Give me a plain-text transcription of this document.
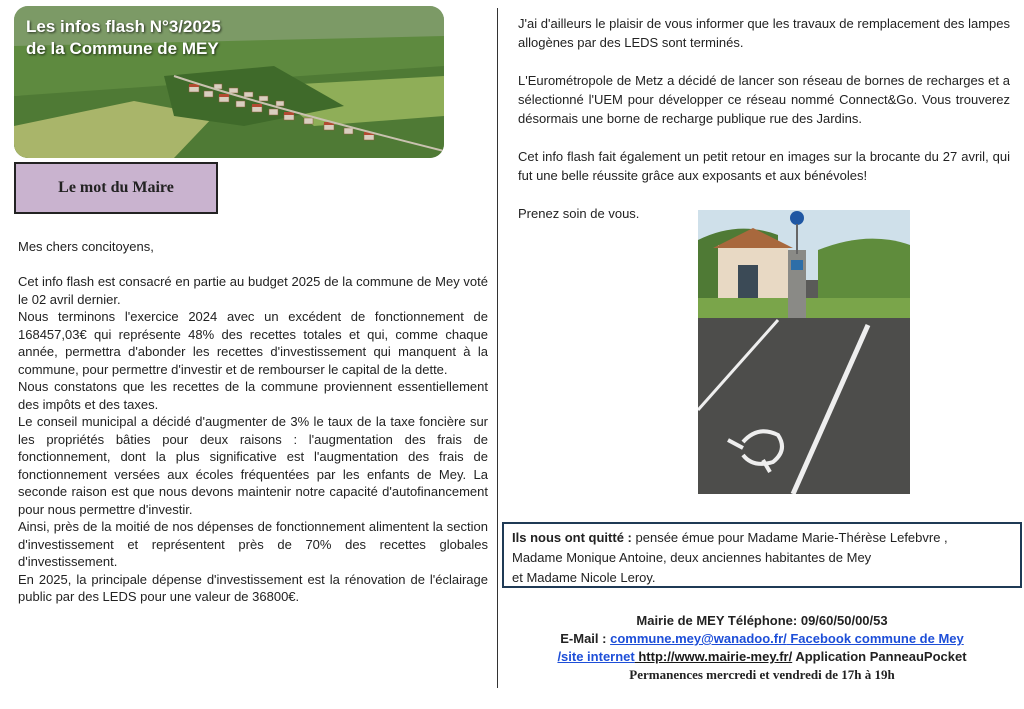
Les infos flash N°3/2025
de la Commune de MEY

Le mot du Maire

Mes chers concitoyens,

Cet info flash est consacré en partie au budget 2025 de la commune de Mey voté le 02 avril dernier.

Nous terminons l'exercice 2024 avec un excédent de fonctionnement de 168457,03€ qui représente 48% des recettes totales et qui, comme chaque année, permettra d'abonder les recettes d'investissement qui manquent à la commune, pour permettre d'investir et de rembourser le capital de la dette.

Nous constatons que les recettes de la commune proviennent essentiellement des impôts et des taxes.

Le conseil municipal a décidé d'augmenter de 3% le taux de la taxe foncière sur les propriétés bâties pour deux raisons : l'augmentation des frais de fonctionnement, dont la plus significative est l'augmentation des frais de fonctionnement versées aux écoles fréquentées par les enfants de Mey. La seconde raison est que nous devons maintenir notre capacité d'autofinancement pour nous permettre d'investir.

Ainsi, près de la moitié de nos dépenses de fonctionnement alimentent la section d'investissement et représentent près de 70% des recettes globales d'investissement.

En 2025, la principale dépense d'investissement est la rénovation de l'éclairage public par des LEDS pour une valeur de 36800€.

J'ai d'ailleurs le plaisir de vous informer que les travaux de remplacement des lampes allogènes par des LEDS sont terminés.

L'Eurométropole de Metz a décidé de lancer son réseau de bornes de recharges et a sélectionné l'UEM pour développer ce réseau nommé Connect&Go. Vous trouverez désormais une borne de recharge publique rue des Jardins.

Cet info flash fait également un petit retour en images sur la brocante du 27 avril, qui fut une belle réussite grâce aux exposants et aux bénévoles!

Prenez soin de vous.

Ils nous ont quitté : pensée émue pour Madame Marie-Thérèse Lefebvre ,
Madame Monique Antoine, deux anciennes habitantes de Mey
et Madame Nicole Leroy.
Mairie de MEY Téléphone: 09/60/50/00/53
E-Mail : commune.mey@wanadoo.fr/ Facebook commune de Mey
/site internet http://www.mairie-mey.fr/ Application PanneauPocket
Permanences mercredi et vendredi de 17h à 19h
